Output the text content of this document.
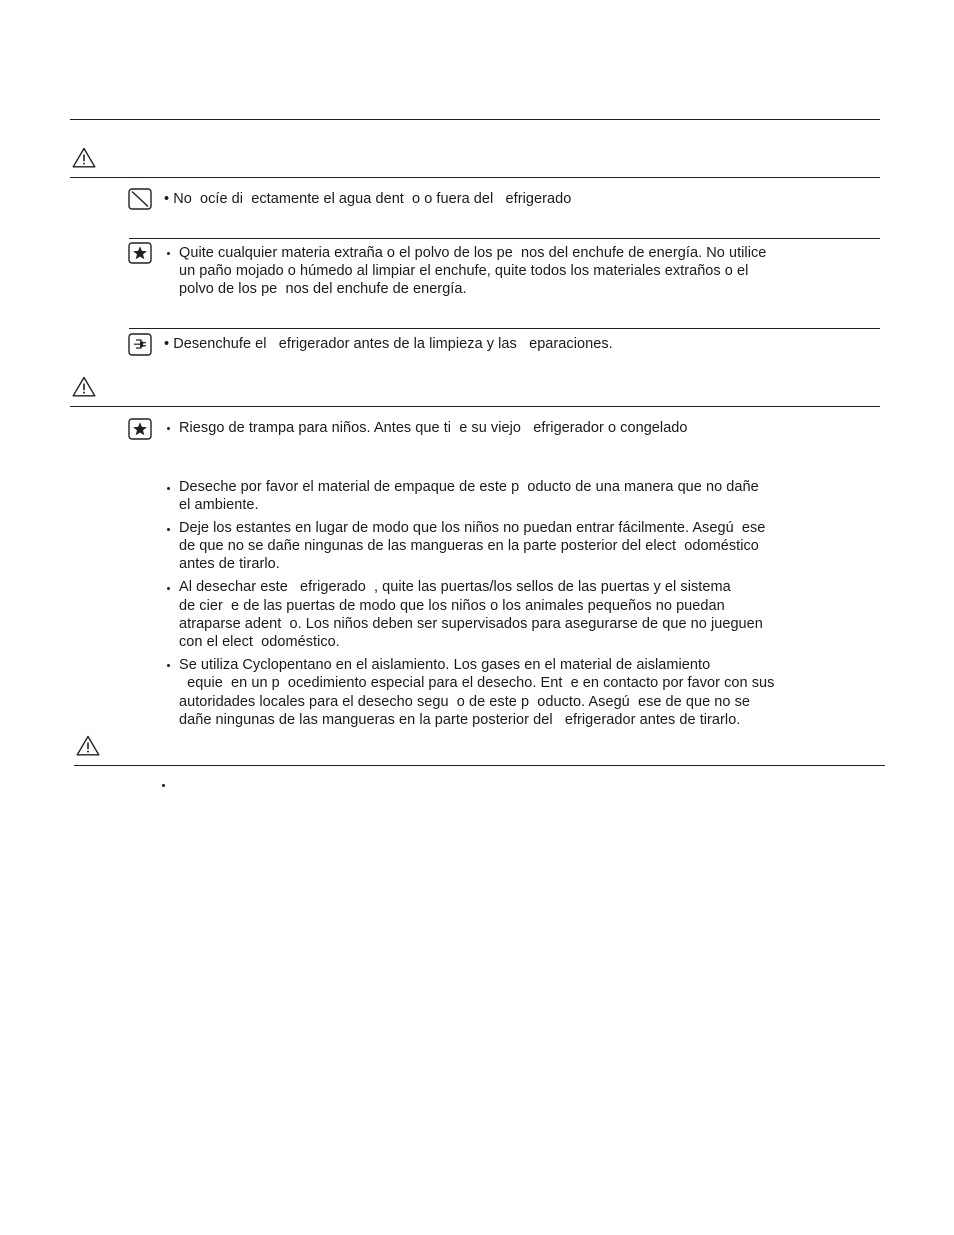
• No  ocíe di  ectamente el agua dent  o o fuera del   efrigerado
Quite cualquier materia extraña o el polvo de los pe  nos del enchufe de energía. No utilice
un paño mojado o húmedo al limpiar el enchufe, quite todos los materiales extraños o el
polvo de los pe  nos del enchufe de energía.
• Desenchufe el   efrigerador antes de la limpieza y las   eparaciones.
Riesgo de trampa para niños. Antes que ti  e su viejo   efrigerador o congelado
Deseche por favor el material de empaque de este p  oducto de una manera que no dañe
el ambiente.
Deje los estantes en lugar de modo que los niños no puedan entrar fácilmente. Asegú  ese
de que no se dañe ningunas de las mangueras en la parte posterior del elect  odoméstico
antes de tirarlo.
Al desechar este   efrigerado  , quite las puertas/los sellos de las puertas y el sistema
de cier  e de las puertas de modo que los niños o los animales pequeños no puedan
atraparse adent  o. Los niños deben ser supervisados para asegurarse de que no jueguen
con el elect  odoméstico.
Se utiliza Cyclopentano en el aislamiento. Los gases en el material de aislamiento
equie  en un p  ocedimiento especial para el desecho. Ent  e en contacto por favor con sus
autoridades locales para el desecho segu  o de este p  oducto. Asegú  ese de que no se
dañe ningunas de las mangueras en la parte posterior del   efrigerador antes de tirarlo.
